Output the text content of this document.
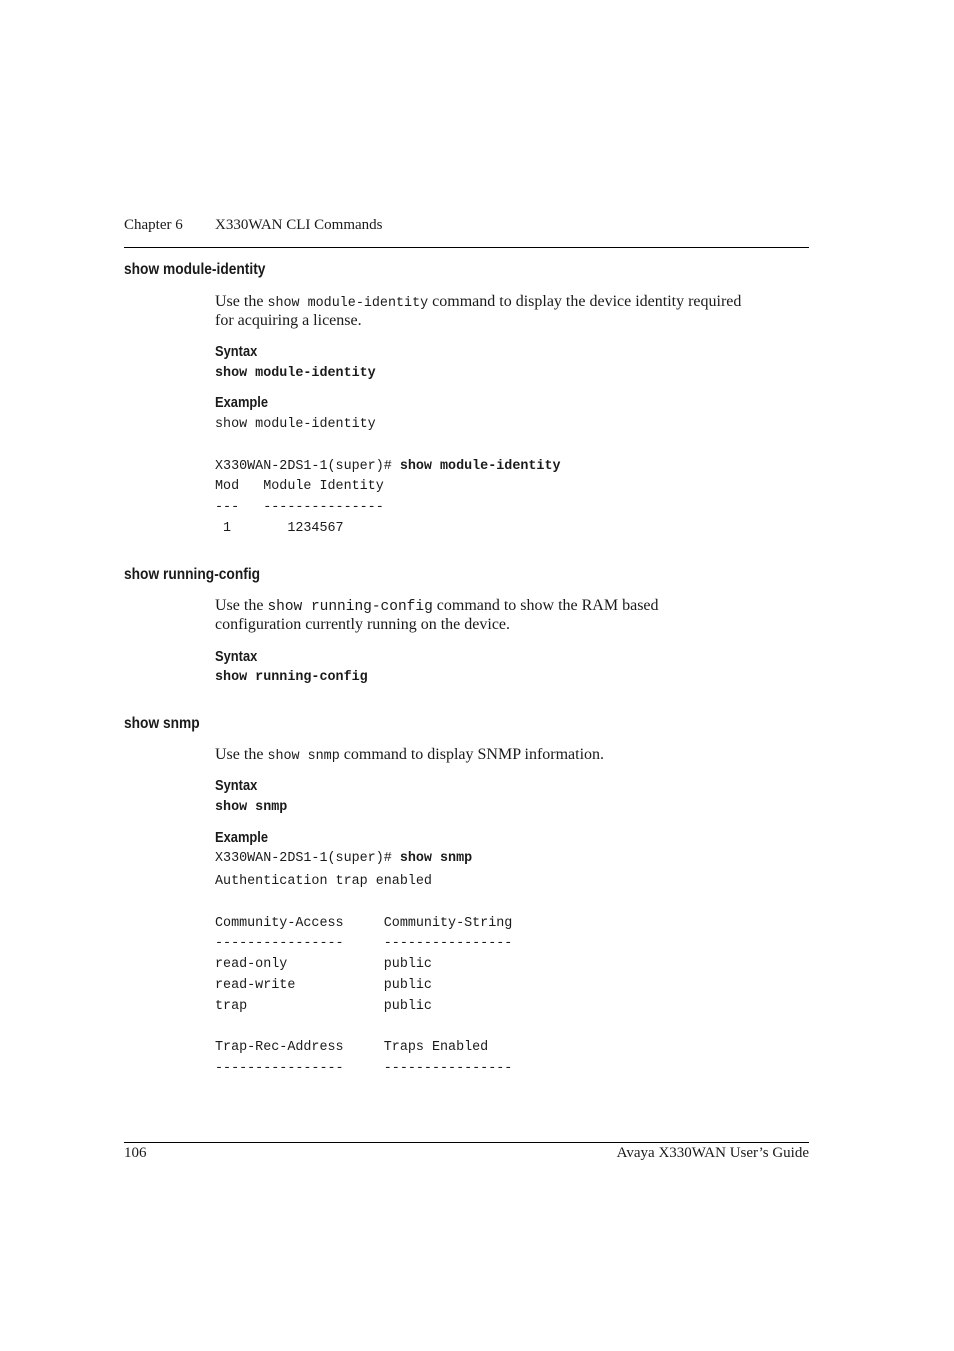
Chapter 6 X330WAN CLI Commands
show module-identity
Use the show module-identity command to display the device identity required
for acquiring a license.
Syntax
show module-identity
Example
show module-identity
X330WAN-2DS1-1(super)# show module-identity
Mod   Module Identity
---   ---------------
1       1234567
show running-config
Use the show running-config command to show the RAM based
configuration currently running on the device.
Syntax
show running-config
show snmp
Use the show snmp command to display SNMP information.
Syntax
show snmp
Example
X330WAN-2DS1-1(super)# show snmp
Authentication trap enabled

Community-Access     Community-String
----------------     ----------------
read-only            public
read-write           public
trap                 public

Trap-Rec-Address     Traps Enabled
----------------     ----------------
106	Avaya X330WAN User’s Guide
